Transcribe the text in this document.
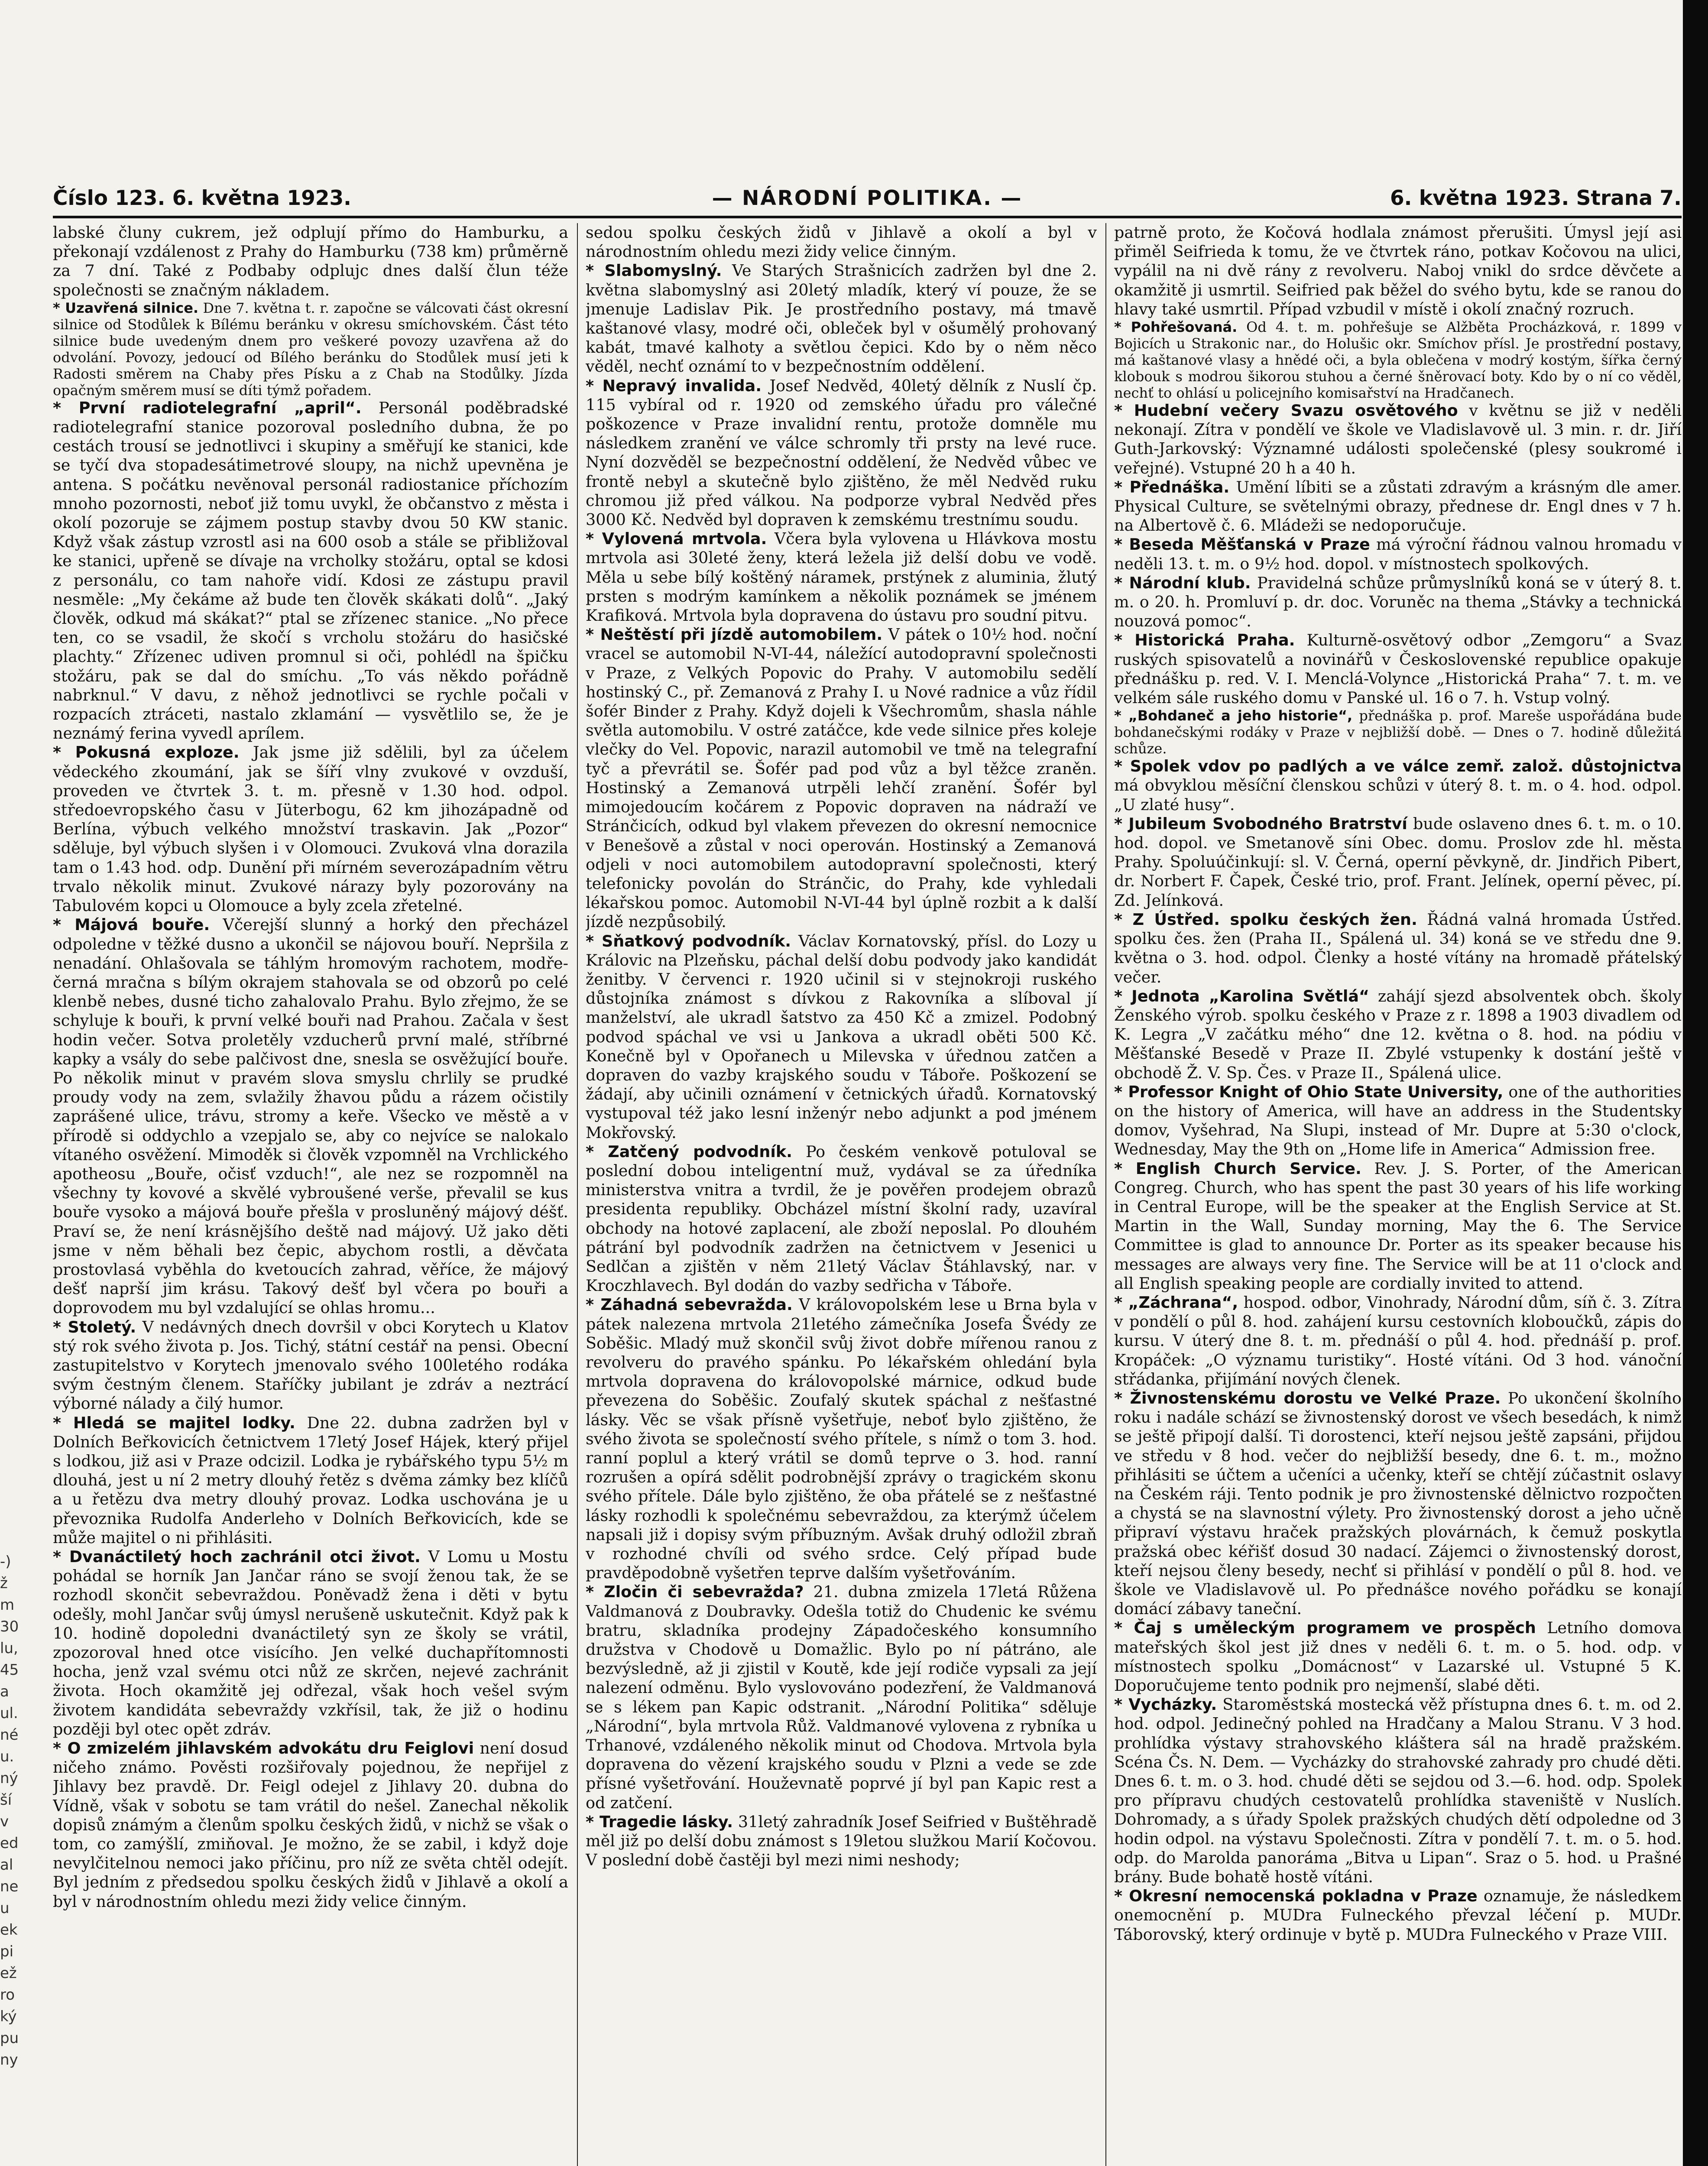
Číslo 123. 6. května 1923.	— NÁRODNÍ POLITIKA. —	6. května 1923. Strana 7.
-)
ž
m
30
lu,
45
a
ul.
né
u.
ný
ší
v
ed
al
ne
u
ek
pi
ež
ro
ký
pu
ny

labské čluny cukrem, jež odplují přímo do Hamburku, a překonají vzdálenost z Prahy do Hamburku (738 km) průměrně za 7 dní. Také z Podbaby odplujc dnes další člun téže společnosti se značným nákladem.

* Uzavřená silnice. Dne 7. května t. r. započne se válcovati část okresní silnice od Stodůlek k Bílému beránku v okresu smíchovském. Část této silnice bude uvedeným dnem pro veškeré povozy uzavřena až do odvolání. Povozy, jedoucí od Bílého beránku do Stodůlek musí jeti k Radosti směrem na Chaby přes Písku a z Chab na Stodůlky. Jízda opačným směrem musí se díti týmž pořadem.

* První radiotelegrafní „april“. Personál poděbradské radiotelegrafní stanice pozoroval posledního dubna, že po cestách trousí se jednotlivci i skupiny a směřují ke stanici, kde se tyčí dva stopadesátimetrové sloupy, na nichž upevněna je antena. S počátku nevěnoval personál radiostanice příchozím mnoho pozornosti, neboť již tomu uvykl, že občanstvo z města i okolí pozoruje se zájmem postup stavby dvou 50 KW stanic. Když však zástup vzrostl asi na 600 osob a stále se přibližoval ke stanici, upřeně se dívaje na vrcholky stožáru, optal se kdosi z personálu, co tam nahoře vidí. Kdosi ze zástupu pravil nesměle: „My čekáme až bude ten člověk skákati dolů“. „Jaký člověk, odkud má skákat?“ ptal se zřízenec stanice. „No přece ten, co se vsadil, že skočí s vrcholu stožáru do hasičské plachty.“ Zřízenec udiven promnul si oči, pohlédl na špičku stožáru, pak se dal do smíchu. „To vás někdo pořádně nabrknul.“ V davu, z něhož jednotlivci se rychle počali v rozpacích ztráceti, nastalo zklamání — vysvětlilo se, že je neznámý ferina vyvedl aprílem.

* Pokusná exploze. Jak jsme již sdělili, byl za účelem vědeckého zkoumání, jak se šíří vlny zvukové v ovzduší, proveden ve čtvrtek 3. t. m. přesně v 1.30 hod. odpol. středoevropského času v Jüterbogu, 62 km jihozápadně od Berlína, výbuch velkého množství traskavin. Jak „Pozor“ sděluje, byl výbuch slyšen i v Olomouci. Zvuková vlna dorazila tam o 1.43 hod. odp. Dunění při mírném severozápadním větru trvalo několik minut. Zvukové nárazy byly pozorovány na Tabulovém kopci u Olomouce a byly zcela zřetelné.

* Májová bouře. Včerejší slunný a horký den přecházel odpoledne v těžké dusno a ukončil se nájovou bouří. Nepršila z nenadání. Ohlašovala se táhlým hromovým rachotem, modře-černá mračna s bílým okrajem stahovala se od obzorů po celé klenbě nebes, dusné ticho zahalovalo Prahu. Bylo zřejmo, že se schyluje k bouři, k první velké bouři nad Prahou. Začala v šest hodin večer. Sotva proletěly vzducherů první malé, stříbrné kapky a vsály do sebe palčivost dne, snesla se osvěžující bouře. Po několik minut v pravém slova smyslu chrlily se prudké proudy vody na zem, svlažily žhavou půdu a rázem očistily zaprášené ulice, trávu, stromy a keře. Všecko ve městě a v přírodě si oddychlo a vzepjalo se, aby co nejvíce se nalokalo vítaného osvěžení. Mimoděk si člověk vzpomněl na Vrchlického apotheosu „Bouře, očisť vzduch!“, ale nez se rozpomněl na všechny ty kovové a skvělé vybroušené verše, převalil se kus bouře vysoko a májová bouře přešla v prosluněný májový déšť. Praví se, že není krásnějšího deště nad májový. Už jako děti jsme v něm běhali bez čepic, abychom rostli, a děvčata prostovlasá vyběhla do kvetoucích zahrad, věříce, že májový dešť naprší jim krásu. Takový dešť byl včera po bouři a doprovodem mu byl vzdalující se ohlas hromu...

* Stoletý. V nedávných dnech dovršil v obci Korytech u Klatov stý rok svého života p. Jos. Tichý, státní cestář na pensi. Obecní zastupitelstvo v Korytech jmenovalo svého 100letého rodáka svým čestným členem. Staříčky jubilant je zdráv a neztrácí výborné nálady a čilý humor.

* Hledá se majitel lodky. Dne 22. dubna zadržen byl v Dolních Beřkovicích četnictvem 17letý Josef Hájek, který přijel s lodkou, již asi v Praze odcizil. Lodka je rybářského typu 5½ m dlouhá, jest u ní 2 metry dlouhý řetěz s dvěma zámky bez klíčů a u řetězu dva metry dlouhý provaz. Lodka uschována je u převoznika Rudolfa Anderleho v Dolních Beřkovicích, kde se může majitel o ni přihlásiti.

* Dvanáctiletý hoch zachránil otci život. V Lomu u Mostu pohádal se horník Jan Jančar ráno se svojí ženou tak, že se rozhodl skončit sebevraždou. Poněvadž žena i děti v bytu odešly, mohl Jančar svůj úmysl nerušeně uskutečnit. Když pak k 10. hodině dopoledni dvanáctiletý syn ze školy se vrátil, zpozoroval hned otce visícího. Jen velké duchapřítomnosti hocha, jenž vzal svému otci nůž ze skrčen, nejevé zachránit života. Hoch okamžitě jej odřezal, však hoch vešel svým životem kandidáta sebevraždy vzkřísil, tak, že již o hodinu později byl otec opět zdráv.

* O zmizelém jihlavském advokátu dru Feiglovi není dosud ničeho známo. Pověsti rozšiřovaly pojednou, že nepřijel z Jihlavy bez pravdě. Dr. Feigl odejel z Jihlavy 20. dubna do Vídně, však v sobotu se tam vrátil do nešel. Zanechal několik dopisů známým a členům spolku českých židů, v nichž se však o tom, co zamýšlí, zmiňoval. Je možno, že se zabil, i když doje nevylčitelnou nemoci jako příčinu, pro níž ze světa chtěl odejít. Byl jedním z předsedou spolku českých židů v Jihlavě a okolí a byl v národnostním ohledu mezi židy velice činným.

sedou spolku českých židů v Jihlavě a okolí a byl v národnostním ohledu mezi židy velice činným.

* Slabomyslný. Ve Starých Strašnicích zadržen byl dne 2. května slabomyslný asi 20letý mladík, který ví pouze, že se jmenuje Ladislav Pik. Je prostředního postavy, má tmavě kaštanové vlasy, modré oči, obleček byl v ošumělý prohovaný kabát, tmavé kalhoty a světlou čepici. Kdo by o něm něco věděl, nechť oznámí to v bezpečnostním oddělení.

* Nepravý invalida. Josef Nedvěd, 40letý dělník z Nuslí čp. 115 vybíral od r. 1920 od zemského úřadu pro válečné poškozence v Praze invalidní rentu, protože domněle mu následkem zranění ve válce schromly tři prsty na levé ruce. Nyní dozvěděl se bezpečnostní oddělení, že Nedvěd vůbec ve frontě nebyl a skutečně bylo zjištěno, že měl Nedvěd ruku chromou již před válkou. Na podporze vybral Nedvěd přes 3000 Kč. Nedvěd byl dopraven k zemskému trestnímu soudu.

* Vylovená mrtvola. Včera byla vylovena u Hlávkova mostu mrtvola asi 30leté ženy, která ležela již delší dobu ve vodě. Měla u sebe bílý koštěný náramek, prstýnek z aluminia, žlutý prsten s modrým kamínkem a několik poznámek se jménem Krafiková. Mrtvola byla dopravena do ústavu pro soudní pitvu.

* Neštěstí při jízdě automobilem. V pátek o 10½ hod. noční vracel se automobil N-VI-44, náležící autodopravní společnosti v Praze, z Velkých Popovic do Prahy. V automobilu sedělí hostinský C., př. Zemanová z Prahy I. u Nové radnice a vůz řídil šofér Binder z Prahy. Když dojeli k Všechromům, shasla náhle světla automobilu. V ostré zatáčce, kde vede silnice přes koleje vlečky do Vel. Popovic, narazil automobil ve tmě na telegrafní tyč a převrátil se. Šofér pad pod vůz a byl těžce zraněn. Hostinský a Zemanová utrpěli lehčí zranění. Šofér byl mimojedoucím kočárem z Popovic dopraven na nádraží ve Stránčicích, odkud byl vlakem převezen do okresní nemocnice v Benešově a zůstal v noci operován. Hostinský a Zemanová odjeli v noci automobilem autodopravní společnosti, který telefonicky povolán do Stránčic, do Prahy, kde vyhledali lékařskou pomoc. Automobil N-VI-44 byl úplně rozbit a k další jízdě nezpůsobilý.

* Sňatkový podvodník. Václav Kornatovský, přísl. do Lozy u Královic na Plzeňsku, páchal delší dobu podvody jako kandidát ženitby. V červenci r. 1920 učinil si v stejnokroji ruského důstojníka známost s dívkou z Rakovníka a slíboval jí manželství, ale ukradl šatstvo za 450 Kč a zmizel. Podobný podvod spáchal ve vsi u Jankova a ukradl oběti 500 Kč. Konečně byl v Opořanech u Milevska v úřednou zatčen a dopraven do vazby krajského soudu v Táboře. Poškození se žádají, aby učinili oznámení v četnických úřadů. Kornatovský vystupoval též jako lesní inženýr nebo adjunkt a pod jménem Mokřovský.

* Zatčený podvodník. Po českém venkově potuloval se poslední dobou inteligentní muž, vydával se za úředníka ministerstva vnitra a tvrdil, že je pověřen prodejem obrazů presidenta republiky. Obcházel místní školní rady, uzavíral obchody na hotové zaplacení, ale zboží neposlal. Po dlouhém pátrání byl podvodník zadržen na četnictvem v Jesenici u Sedlčan a zjištěn v něm 21letý Václav Štáhlavský, nar. v Kroczhlavech. Byl dodán do vazby sedřicha v Táboře.

* Záhadná sebevražda. V královopolském lese u Brna byla v pátek nalezena mrtvola 21letého zámečníka Josefa Švédy ze Soběšic. Mladý muž skončil svůj život dobře mířenou ranou z revolveru do pravého spánku. Po lékařském ohledání byla mrtvola dopravena do královopolské márnice, odkud bude převezena do Soběšic. Zoufalý skutek spáchal z nešťastné lásky. Věc se však přísně vyšetřuje, neboť bylo zjištěno, že svého života se společností svého přítele, s nímž o tom 3. hod. ranní poplul a který vrátil se domů teprve o 3. hod. ranní rozrušen a opírá sdělit podrobnější zprávy o tragickém skonu svého přítele. Dále bylo zjištěno, že oba přátelé se z nešťastné lásky rozhodli k společnému sebevraždou, za kterýmž účelem napsali již i dopisy svým příbuzným. Avšak druhý odložil zbraň v rozhodné chvíli od svého srdce. Celý případ bude pravděpodobně vyšetřen teprve dalším vyšetřováním.

* Zločin či sebevražda? 21. dubna zmizela 17letá Růžena Valdmanová z Doubravky. Odešla totiž do Chudenic ke svému bratru, skladníka prodejny Západočeského konsumního družstva v Chodově u Domažlic. Bylo po ní pátráno, ale bezvýsledně, až ji zjistil v Koutě, kde její rodiče vypsali za její nalezení odměnu. Bylo vyslovováno podezření, že Valdmanová se s lékem pan Kapic odstranit. „Národní Politika“ sděluje „Národní“, byla mrtvola Růž. Valdmanové vylovena z rybníka u Trhanové, vzdáleného několik minut od Chodova. Mrtvola byla dopravena do vězení krajského soudu v Plzni a vede se zde přísné vyšetřování. Houževnatě poprvé jí byl pan Kapic rest a od zatčení.

* Tragedie lásky. 31letý zahradník Josef Seifried v Buštěhradě měl již po delší dobu známost s 19letou služkou Marií Kočovou. V poslední době častěji byl mezi nimi neshody;

patrně proto, že Kočová hodlala známost přerušiti. Úmysl její asi přiměl Seifrieda k tomu, že ve čtvrtek ráno, potkav Kočovou na ulici, vypálil na ni dvě rány z revolveru. Naboj vnikl do srdce děvčete a okamžitě ji usmrtil. Seifried pak běžel do svého bytu, kde se ranou do hlavy také usmrtil. Případ vzbudil v místě i okolí značný rozruch.

* Pohřešovaná. Od 4. t. m. pohřešuje se Alžběta Procházková, r. 1899 v Bojicích u Strakonic nar., do Holušic okr. Smíchov přísl. Je prostřední postavy, má kaštanové vlasy a hnědé oči, a byla oblečena v modrý kostým, šířka černý klobouk s modrou šikorou stuhou a černé šněrovací boty. Kdo by o ní co věděl, nechť to ohlásí u policejního komisařství na Hradčanech.

* Hudební večery Svazu osvětového v květnu se již v neděli nekonají. Zítra v pondělí ve škole ve Vladislavově ul. 3 min. r. dr. Jiří Guth-Jarkovský: Významné události společenské (plesy soukromé i veřejné). Vstupné 20 h a 40 h.

* Přednáška. Umění líbiti se a zůstati zdravým a krásným dle amer. Physical Culture, se světelnými obrazy, přednese dr. Engl dnes v 7 h. na Albertově č. 6. Mládeži se nedoporučuje.

* Beseda Měšťanská v Praze má výroční řádnou valnou hromadu v neděli 13. t. m. o 9½ hod. dopol. v místnostech spolkových.

* Národní klub. Pravidelná schůze průmyslníků koná se v úterý 8. t. m. o 20. h. Promluví p. dr. doc. Voruněc na thema „Stávky a technická nouzová pomoc“.

* Historická Praha. Kulturně-osvětový odbor „Zemgoru“ a Svaz ruských spisovatelů a novinářů v Československé republice opakuje přednášku p. red. V. I. Menclá-Volynce „Historická Praha“ 7. t. m. ve velkém sále ruského domu v Panské ul. 16 o 7. h. Vstup volný.

* „Bohdaneč a jeho historie“, přednáška p. prof. Mareše uspořádána bude bohdanečskými rodáky v Praze v nejbližší době. — Dnes o 7. hodině důležitá schůze.

* Spolek vdov po padlých a ve válce zemř. založ. důstojnictva má obvyklou měsíční členskou schůzi v úterý 8. t. m. o 4. hod. odpol. „U zlaté husy“.

* Jubileum Svobodného Bratrství bude oslaveno dnes 6. t. m. o 10. hod. dopol. ve Smetanově síni Obec. domu. Proslov zde hl. města Prahy. Spoluúčinkují: sl. V. Černá, operní pěvkyně, dr. Jindřich Pibert, dr. Norbert F. Čapek, České trio, prof. Frant. Jelínek, operní pěvec, pí. Zd. Jelínková.

* Z Ústřed. spolku českých žen. Řádná valná hromada Ústřed. spolku čes. žen (Praha II., Spálená ul. 34) koná se ve středu dne 9. května o 3. hod. odpol. Členky a hosté vítány na hromadě přátelský večer.

* Jednota „Karolina Světlá“ zahájí sjezd absolventek obch. školy Ženského výrob. spolku českého v Praze z r. 1898 a 1903 divadlem od K. Legra „V začátku mého“ dne 12. května o 8. hod. na pódiu v Měšťanské Besedě v Praze II. Zbylé vstupenky k dostání ještě v obchodě Ž. V. Sp. Čes. v Praze II., Spálená ulice.

* Professor Knight of Ohio State University, one of the authorities on the history of America, will have an address in the Studentsky domov, Vyšehrad, Na Slupi, instead of Mr. Dupre at 5:30 o'clock, Wednesday, May the 9th on „Home life in America“ Admission free.

* English Church Service. Rev. J. S. Porter, of the American Congreg. Church, who has spent the past 30 years of his life working in Central Europe, will be the speaker at the English Service at St. Martin in the Wall, Sunday morning, May the 6. The Service Committee is glad to announce Dr. Porter as its speaker because his messages are always very fine. The Service will be at 11 o'clock and all English speaking people are cordially invited to attend.

* „Záchrana“, hospod. odbor, Vinohrady, Národní dům, síň č. 3. Zítra v pondělí o půl 8. hod. zahájení kursu cestovních kloboučků, zápis do kursu. V úterý dne 8. t. m. přednáší o půl 4. hod. přednáší p. prof. Kropáček: „O významu turistiky“. Hosté vítáni. Od 3 hod. vánoční střádanka, přijímání nových členek.

* Živnostenskému dorostu ve Velké Praze. Po ukončení školního roku i nadále schází se živnostenský dorost ve všech besedách, k nimž se ještě připojí další. Ti dorostenci, kteří nejsou ještě zapsáni, přijdou ve středu v 8 hod. večer do nejbližší besedy, dne 6. t. m., možno přihlásiti se účtem a učeníci a učenky, kteří se chtějí zúčastnit oslavy na Českém ráji. Tento podnik je pro živnostenské dělnictvo rozpočten a chystá se na slavnostní výlety. Pro živnostenský dorost a jeho učně připraví výstavu hraček pražských plovárnách, k čemuž poskytla pražská obec kéřišť dosud 30 nadací. Zájemci o živnostenský dorost, kteří nejsou členy besedy, nechť si přihlásí v pondělí o půl 8. hod. ve škole ve Vladislavově ul. Po přednášce nového pořádku se konají domácí zábavy taneční.

* Čaj s uměleckým programem ve prospěch Letního domova mateřských škol jest již dnes v neděli 6. t. m. o 5. hod. odp. v místnostech spolku „Domácnost“ v Lazarské ul. Vstupné 5 K. Doporučujeme tento podnik pro nejmenší, slabé děti.

* Vycházky. Staroměstská mostecká věž přístupna dnes 6. t. m. od 2. hod. odpol. Jedinečný pohled na Hradčany a Malou Stranu. V 3 hod. prohlídka výstavy strahovského kláštera sál na hradě pražském. Scéna Čs. N. Dem. — Vycházky do strahovské zahrady pro chudé děti. Dnes 6. t. m. o 3. hod. chudé děti se sejdou od 3.—6. hod. odp. Spolek pro přípravu chudých cestovatelů prohlídka staveniště v Nuslích. Dohromady, a s úřady Spolek pražských chudých dětí odpoledne od 3 hodin odpol. na výstavu Společnosti. Zítra v pondělí 7. t. m. o 5. hod. odp. do Marolda panoráma „Bitva u Lipan“. Sraz o 5. hod. u Prašné brány. Bude bohatě hostě vítáni.

* Okresní nemocenská pokladna v Praze oznamuje, že následkem onemocnění p. MUDra Fulneckého převzal léčení p. MUDr. Táborovský, který ordinuje v bytě p. MUDra Fulneckého v Praze VIII.
